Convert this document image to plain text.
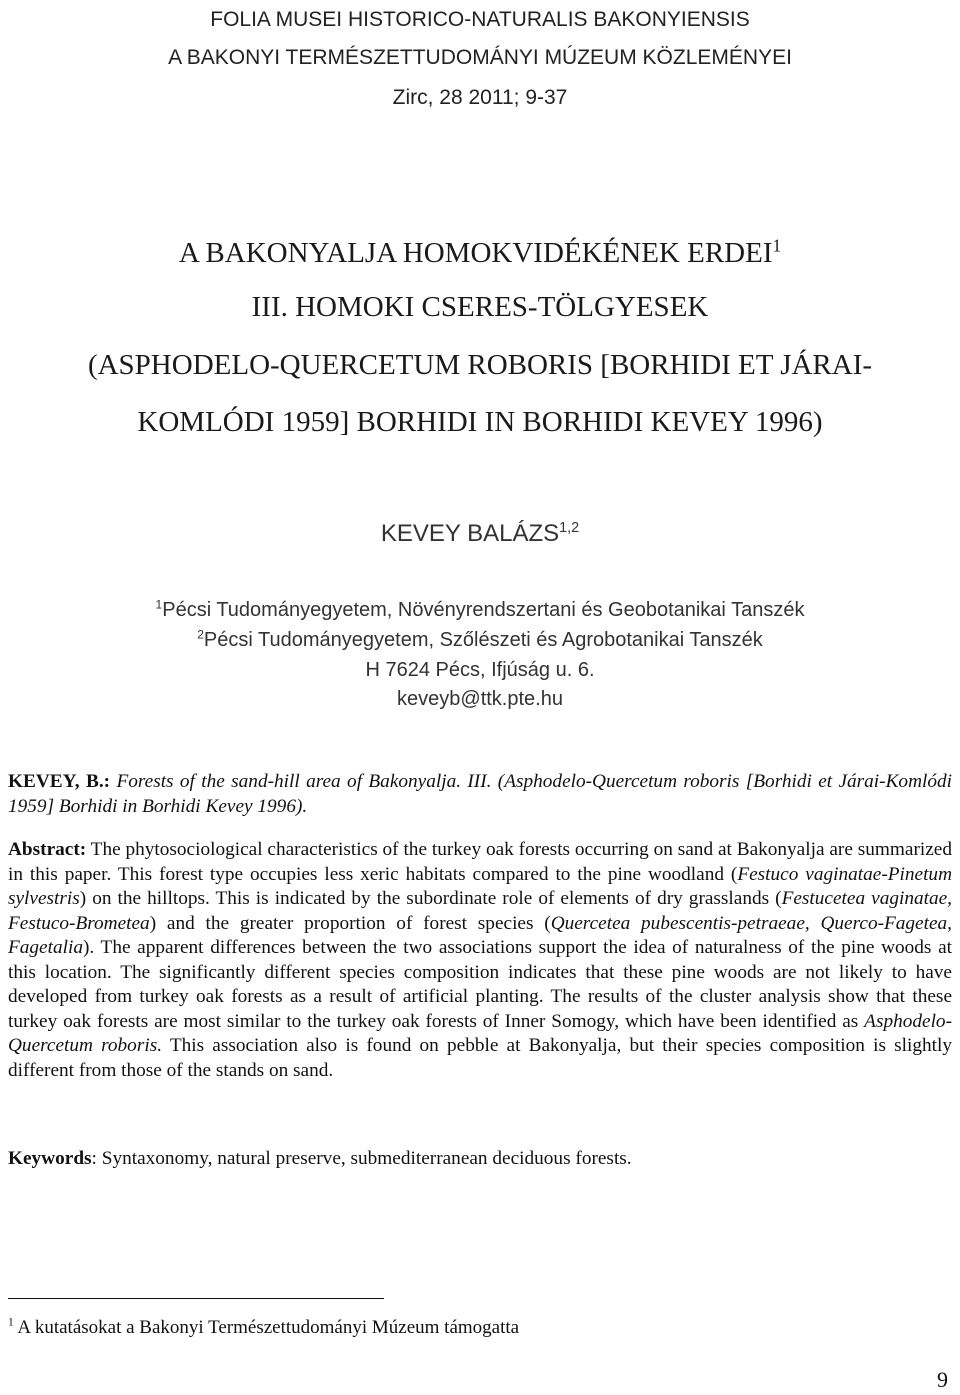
FOLIA MUSEI HISTORICO-NATURALIS BAKONYIENSIS
A BAKONYI TERMÉSZETTUDOMÁNYI MÚZEUM KÖZLEMÉNYEI
Zirc, 28 2011; 9-37
A BAKONYALJA HOMOKVIDÉKÉNEK ERDEI$^1$
III. HOMOKI CSERES-TÖLGYESEK
(ASPHODELO-QUERCETUM ROBORIS [BORHIDI ET JÁRAI-
KOMLÓDI 1959] BORHIDI IN BORHIDI KEVEY 1996)
KEVEY BALÁZS$^{1,2}$
$^1$Pécsi Tudományegyetem, Növényrendszertani és Geobotanikai Tanszék
$^2$Pécsi Tudományegyetem, Szőlészeti és Agrobotanikai Tanszék
H 7624 Pécs, Ifjúság u. 6.
keveyb@ttk.pte.hu
KEVEY, B.: Forests of the sand-hill area of Bakonyalja. III. (Asphodelo-Quercetum roboris [Borhidi et Járai-Komlódi 1959] Borhidi in Borhidi Kevey 1996).
Abstract: The phytosociological characteristics of the turkey oak forests occurring on sand at Bakonyalja are summarized in this paper. This forest type occupies less xeric habitats compared to the pine woodland (Festuco vaginatae-Pinetum sylvestris) on the hilltops. This is indicated by the subordinate role of elements of dry grasslands (Festucetea vaginatae, Festuco-Brometea) and the greater proportion of forest species (Quercetea pubescentis-petraeae, Querco-Fagetea, Fagetalia). The apparent differences between the two associations support the idea of naturalness of the pine woods at this location. The significantly different species composition indicates that these pine woods are not likely to have developed from turkey oak forests as a result of artificial planting. The results of the cluster analysis show that these turkey oak forests are most similar to the turkey oak forests of Inner Somogy, which have been identified as Asphodelo-Quercetum roboris. This association also is found on pebble at Bakonyalja, but their species composition is slightly different from those of the stands on sand.
Keywords: Syntaxonomy, natural preserve, submediterranean deciduous forests.
$^1$ A kutatásokat a Bakonyi Természettudományi Múzeum támogatta
9
